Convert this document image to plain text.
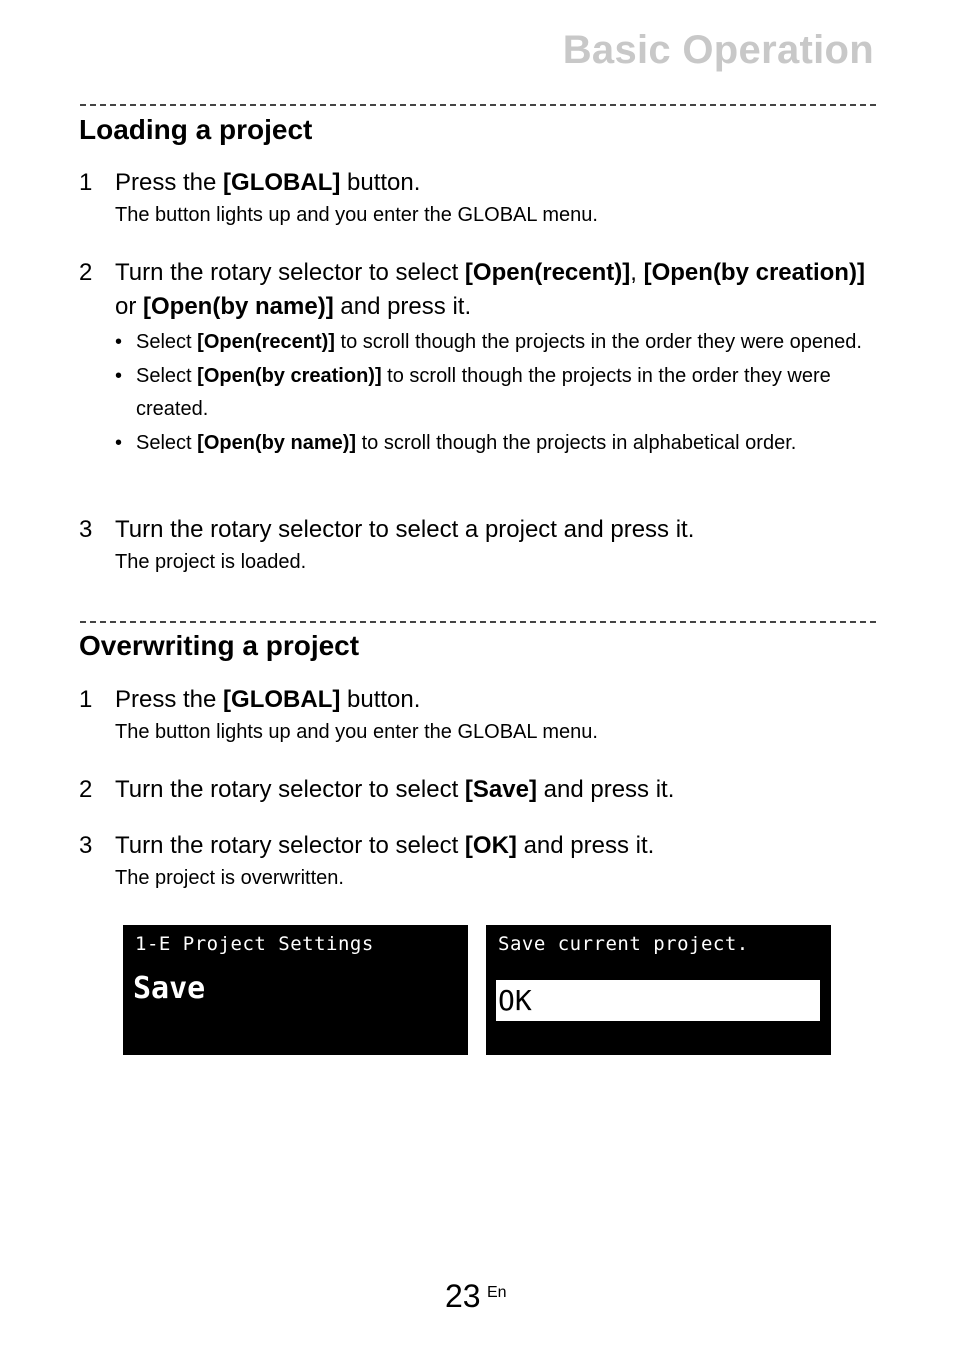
Basic Operation
Loading a project
1 Press the [GLOBAL] button.
The button lights up and you enter the GLOBAL menu.
2 Turn the rotary selector to select [Open(recent)], [Open(by creation)] or [Open(by name)] and press it.
• Select [Open(recent)] to scroll though the projects in the order they were opened.
• Select [Open(by creation)] to scroll though the projects in the order they were created.
• Select [Open(by name)] to scroll though the projects in alphabetical order.
3 Turn the rotary selector to select a project and press it.
The project is loaded.
Overwriting a project
1 Press the [GLOBAL] button.
The button lights up and you enter the GLOBAL menu.
2 Turn the rotary selector to select [Save] and press it.
3 Turn the rotary selector to select [OK] and press it.
The project is overwritten.
1-E Project Settings
Save
Save current project.
OK
23 En
